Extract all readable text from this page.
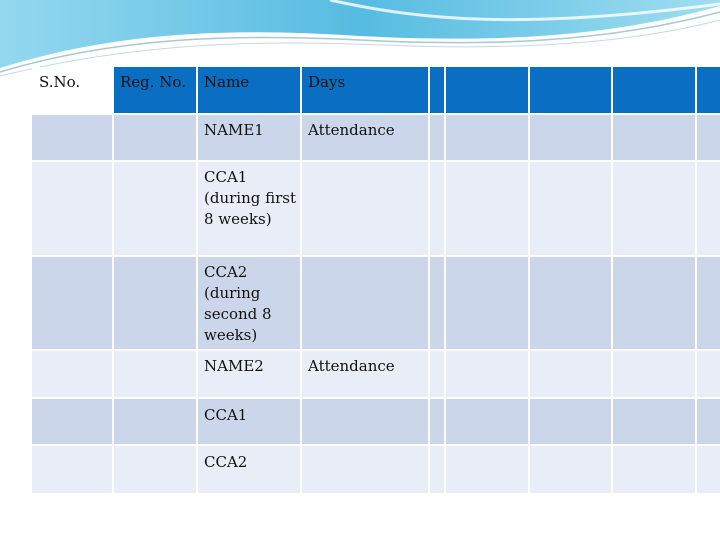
S.No.	Reg. No.	Name	Days					
		NAME1	Attendance					
		CCA1 (during first 8 weeks)						
		CCA2 (during second 8 weeks)						
		NAME2	Attendance					
		CCA1						
		CCA2						
